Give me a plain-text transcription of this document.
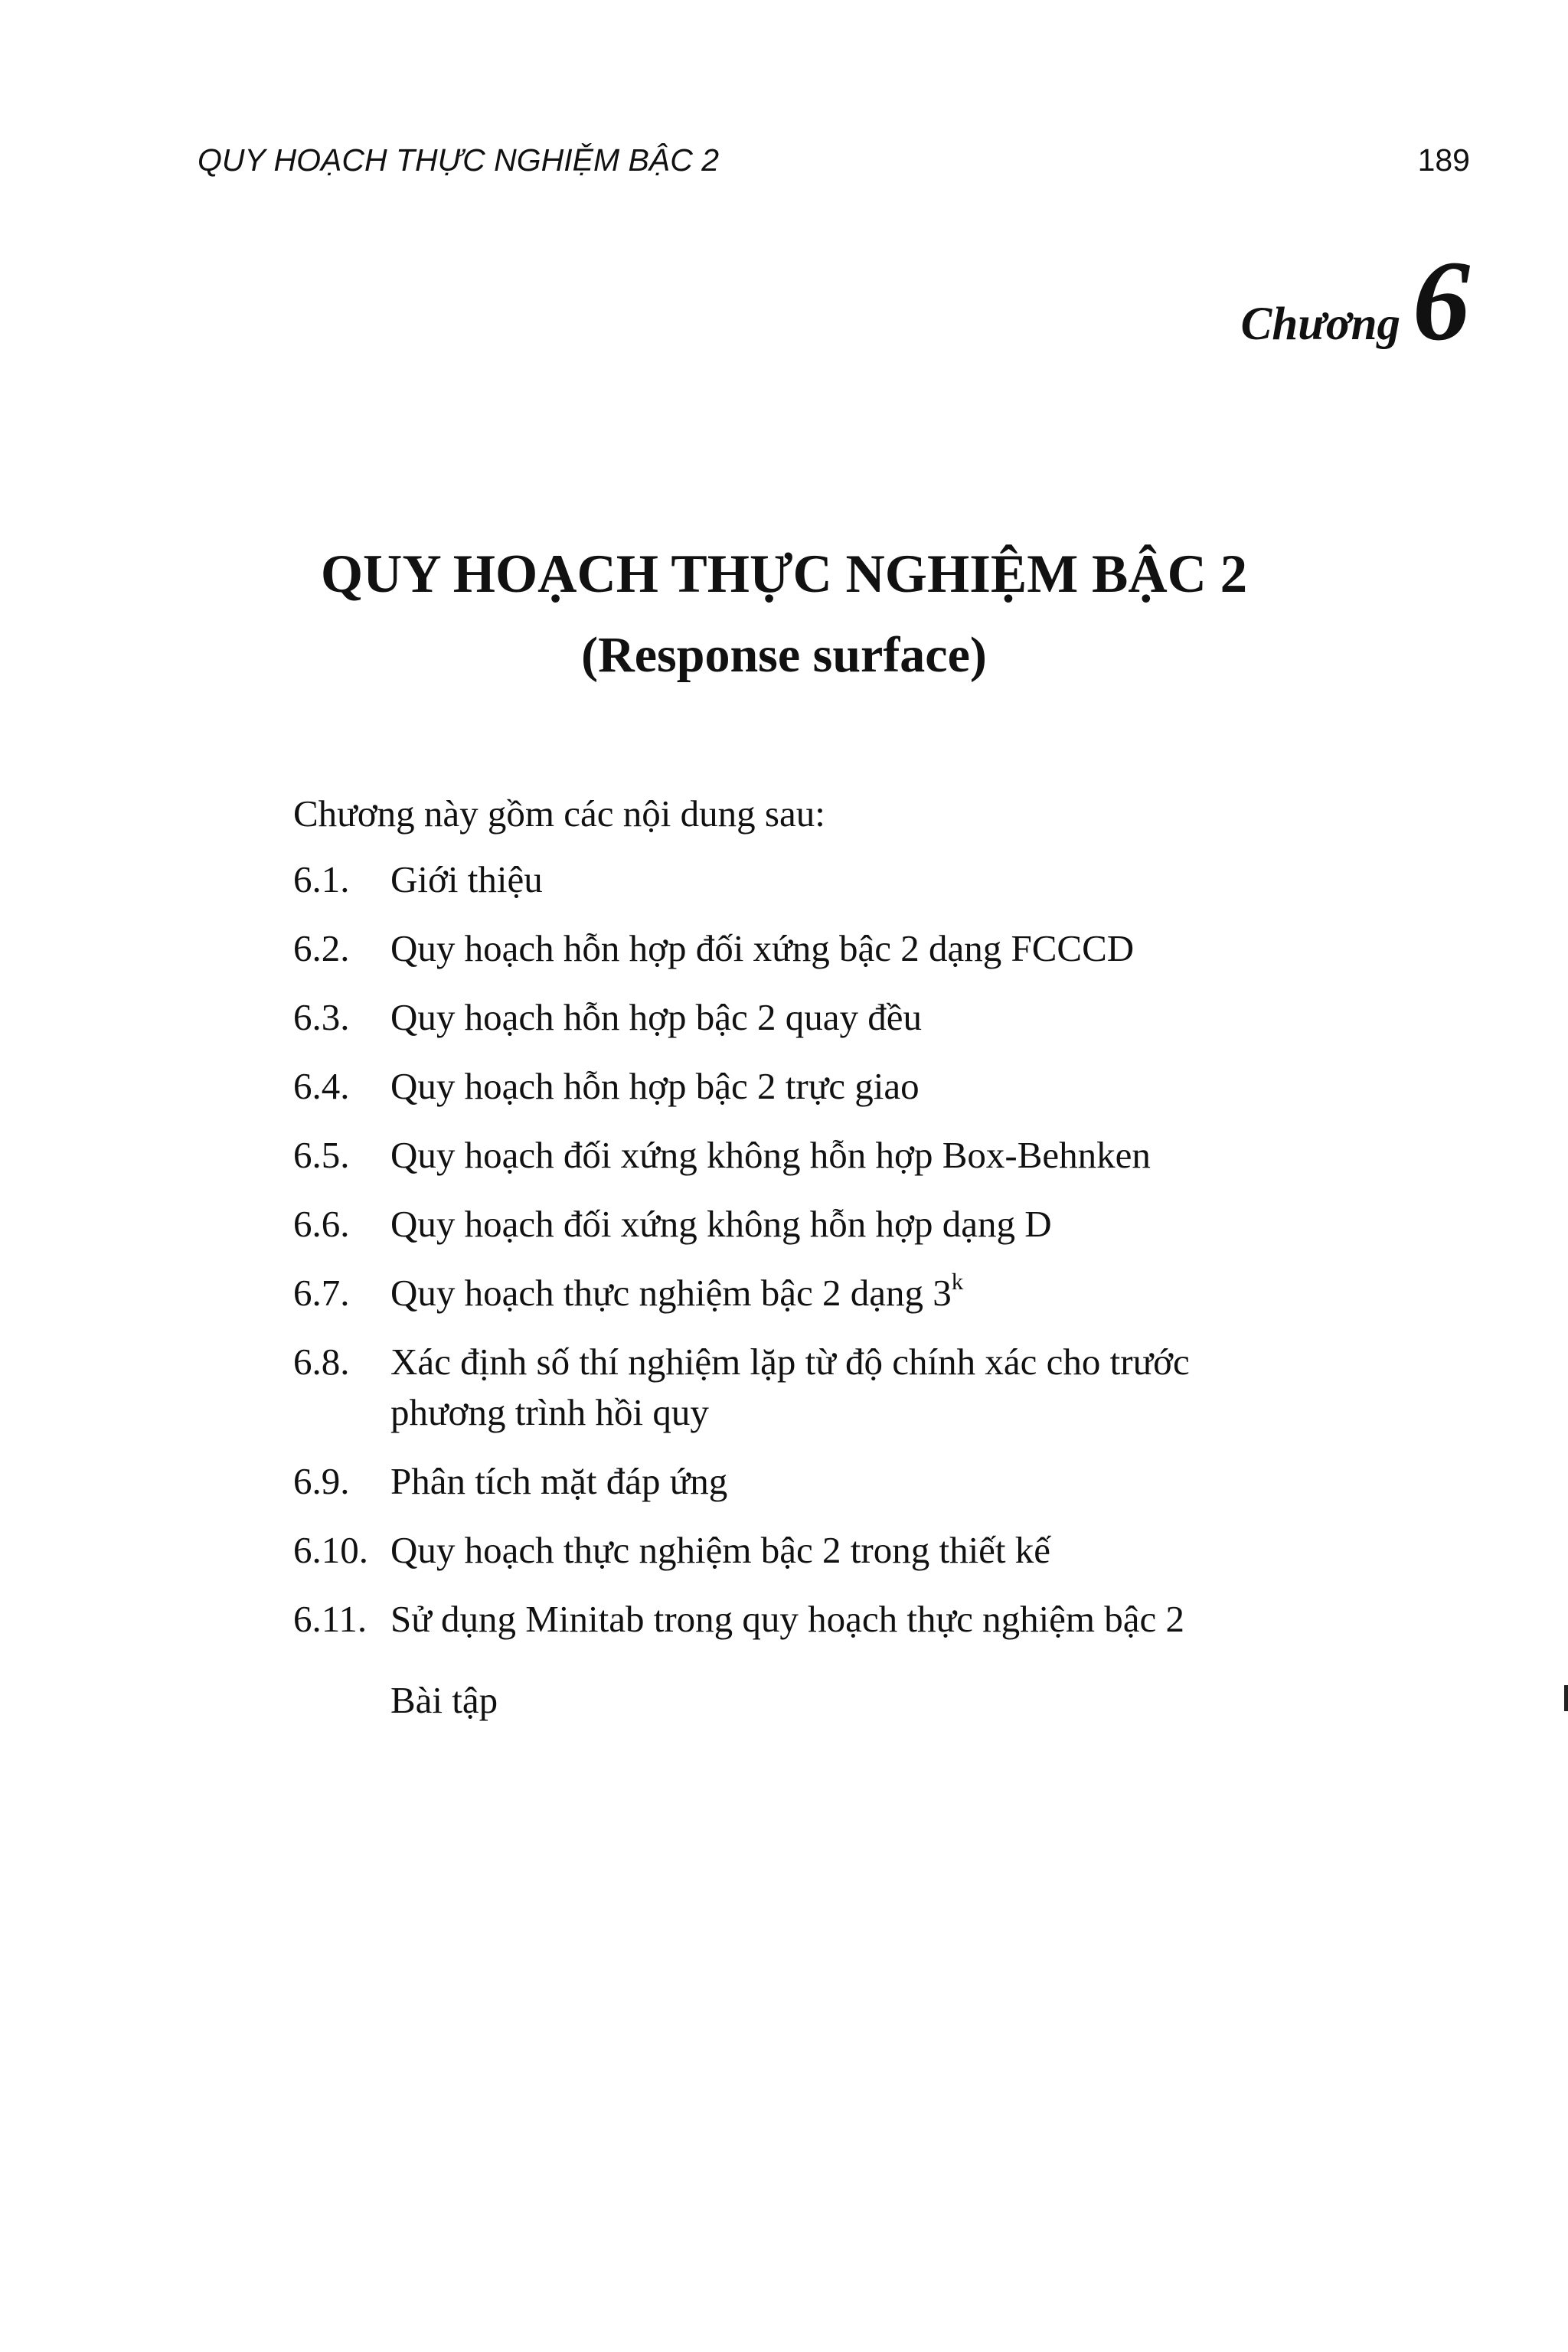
QUY HOẠCH THỰC NGHIỆM BẬC 2	189
Chương 6
QUY HOẠCH THỰC NGHIỆM BẬC 2
(Response surface)
Chương này gồm các nội dung sau:
6.1.	Giới thiệu
6.2.	Quy hoạch hỗn hợp đối xứng bậc 2 dạng FCCCD
6.3.	Quy hoạch hỗn hợp bậc 2 quay đều
6.4.	Quy hoạch hỗn hợp bậc 2 trực giao
6.5.	Quy hoạch đối xứng không hỗn hợp Box-Behnken
6.6.	Quy hoạch đối xứng không hỗn hợp dạng D
6.7.	Quy hoạch thực nghiệm bậc 2 dạng 3$^k$
6.8.	Xác định số thí nghiệm lặp từ độ chính xác cho trước
phương trình hồi quy
6.9.	Phân tích mặt đáp ứng
6.10. Quy hoạch thực nghiệm bậc 2 trong thiết kế
6.11. Sử dụng Minitab trong quy hoạch thực nghiệm bậc 2
Bài tập
